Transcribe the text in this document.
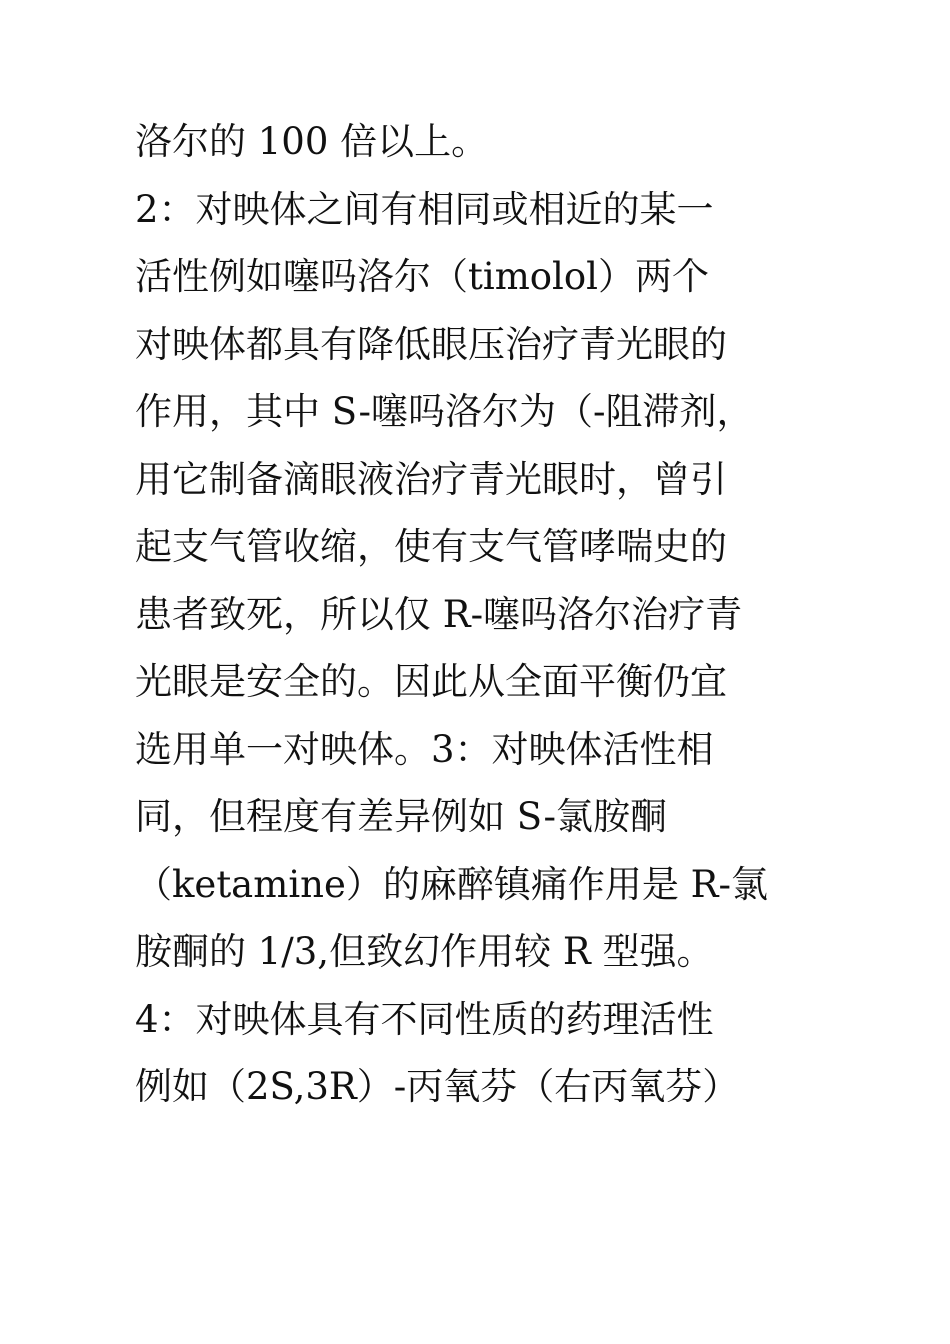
洛尔的 100 倍以上。
2：对映体之间有相同或相近的某一
活性例如噻吗洛尔（timolol）两个
对映体都具有降低眼压治疗青光眼的
作用，其中 S-噻吗洛尔为（-阻滞剂，
用它制备滴眼液治疗青光眼时，曾引
起支气管收缩，使有支气管哮喘史的
患者致死，所以仅 R-噻吗洛尔治疗青
光眼是安全的。因此从全面平衡仍宜
选用单一对映体。3：对映体活性相
同，但程度有差异例如 S-氯胺酮
（ketamine）的麻醉镇痛作用是 R-氯
胺酮的 1/3,但致幻作用较 R 型强。
4：对映体具有不同性质的药理活性
例如（2S,3R）-丙氧芬（右丙氧芬）
